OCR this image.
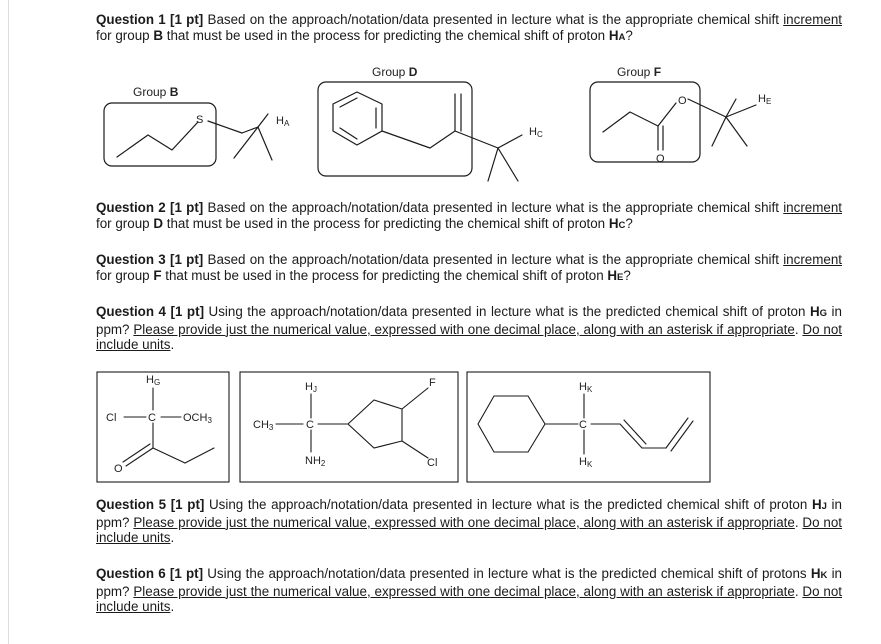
Question 1 [1 pt] Based on the approach/notation/data presented in lecture what is the appropriate chemical shift increment for group B that must be used in the process for predicting the chemical shift of proton HA?
Question 2 [1 pt] Based on the approach/notation/data presented in lecture what is the appropriate chemical shift increment for group D that must be used in the process for predicting the chemical shift of proton HC?
Question 3 [1 pt] Based on the approach/notation/data presented in lecture what is the appropriate chemical shift increment for group F that must be used in the process for predicting the chemical shift of proton HE?
Question 4 [1 pt] Using the approach/notation/data presented in lecture what is the predicted chemical shift of proton HG in ppm? Please provide just the numerical value, expressed with one decimal place, along with an asterisk if appropriate. Do not include units.
Question 5 [1 pt] Using the approach/notation/data presented in lecture what is the predicted chemical shift of proton HJ in ppm? Please provide just the numerical value, expressed with one decimal place, along with an asterisk if appropriate. Do not include units.
Question 6 [1 pt] Using the approach/notation/data presented in lecture what is the predicted chemical shift of protons HK in ppm? Please provide just the numerical value, expressed with one decimal place, along with an asterisk if appropriate. Do not include units.
Group B
Group D	Group F
S
O
O
HA
HC
HE
HG
Cl	C OCH3
O
HJ
CH3	C
NH2
F
Cl
HK
C
HK
